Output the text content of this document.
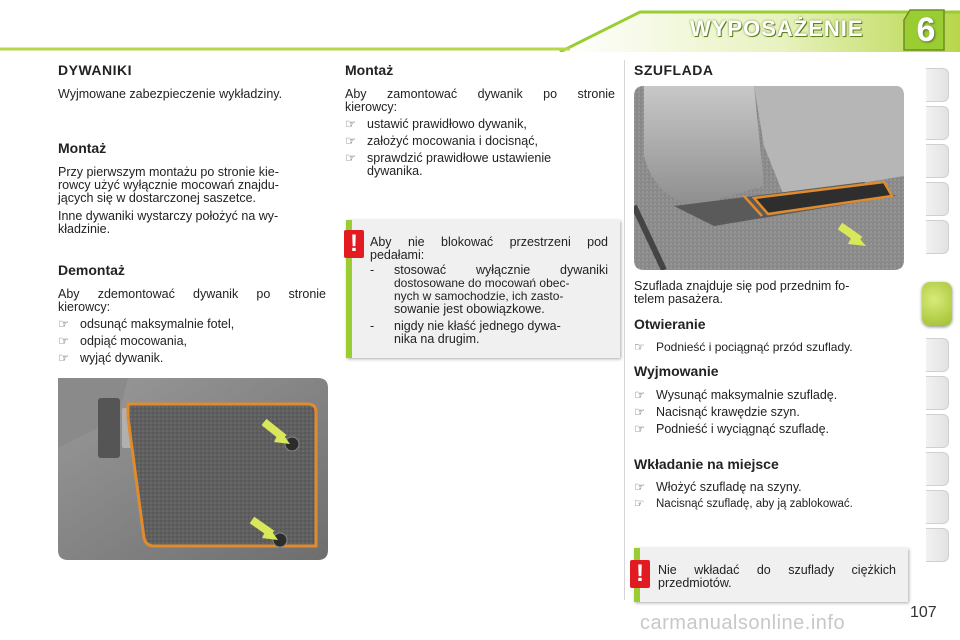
WYPOSAŻENIE 6
DYWANIKI
Wyjmowane zabezpieczenie wykładziny.
Montaż
Przy pierwszym montażu po stronie kie-
rowcy użyć wyłącznie mocowań znajdu-
jących się w dostarczonej saszetce.
Inne dywaniki wystarczy położyć na wy-
kładzinie.
Demontaż
Aby zdemontować dywanik po stronie
kierowcy:
☞ odsunąć maksymalnie fotel,
☞ odpiąć mocowania,
☞ wyjąć dywanik.
Montaż
Aby zamontować dywanik po stronie
kierowcy:
☞ ustawić prawidłowo dywanik,
☞ założyć mocowania i docisnąć,
☞ sprawdzić prawidłowe ustawienie
dywanika.
! Aby nie blokować przestrzeni pod
pedałami:
-	stosować wyłącznie dywaniki
dostosowane do mocowań obec-
nych w samochodzie, ich zasto-
sowanie jest obowiązkowe.
-	nigdy nie kłaść jednego dywa-
nika na drugim.
SZUFLADA
Szuflada znajduje się pod przednim fo-
telem pasażera.
Otwieranie
☞ Podnieść i pociągnąć przód szuflady.
Wyjmowanie
☞ Wysunąć maksymalnie szufladę.
☞ Nacisnąć krawędzie szyn.
☞ Podnieść i wyciągnąć szufladę.
Wkładanie na miejsce
☞ Włożyć szufladę na szyny.
☞ Nacisnąć szufladę, aby ją zablokować.
!	Nie wkładać do szuflady ciężkich
przedmiotów.
carmanualsonline.info	107
